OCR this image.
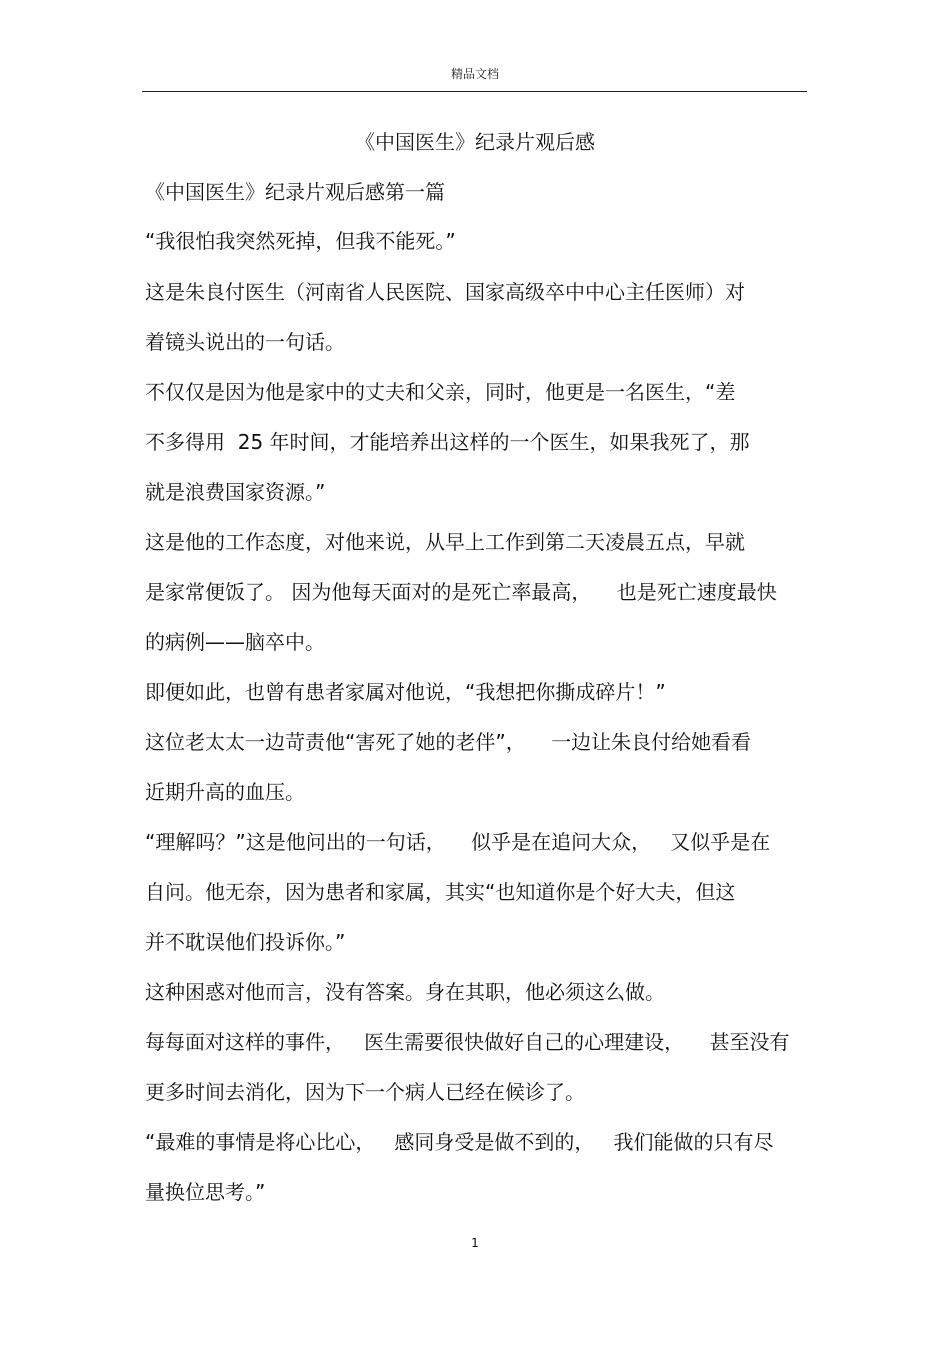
精品文档
《中国医生》纪录片观后感
《中国医生》纪录片观后感第一篇
“我很怕我突然死掉，但我不能死。”
这是朱良付医生（河南省人民医院、国家高级卒中中心主任医师）对
着镜头说出的一句话。
不仅仅是因为他是家中的丈夫和父亲，同时，他更是一名医生，“差
不多得用  25 年时间，才能培养出这样的一个医生，如果我死了，那
就是浪费国家资源。”
这是他的工作态度，对他来说，从早上工作到第二天凌晨五点，早就
是家常便饭了。 因为他每天面对的是死亡率最高，    也是死亡速度最快
的病例——脑卒中。
即便如此，也曾有患者家属对他说，“我想把你撕成碎片！”
这位老太太一边苛责他“害死了她的老伴”，    一边让朱良付给她看看
近期升高的血压。
“理解吗？”这是他问出的一句话，    似乎是在追问大众，   又似乎是在
自问。他无奈，因为患者和家属，其实“也知道你是个好大夫，但这
并不耽误他们投诉你。”
这种困惑对他而言，没有答案。身在其职，他必须这么做。
每每面对这样的事件，   医生需要很快做好自己的心理建设，    甚至没有
更多时间去消化，因为下一个病人已经在候诊了。
“最难的事情是将心比心，   感同身受是做不到的，   我们能做的只有尽
量换位思考。”
1
